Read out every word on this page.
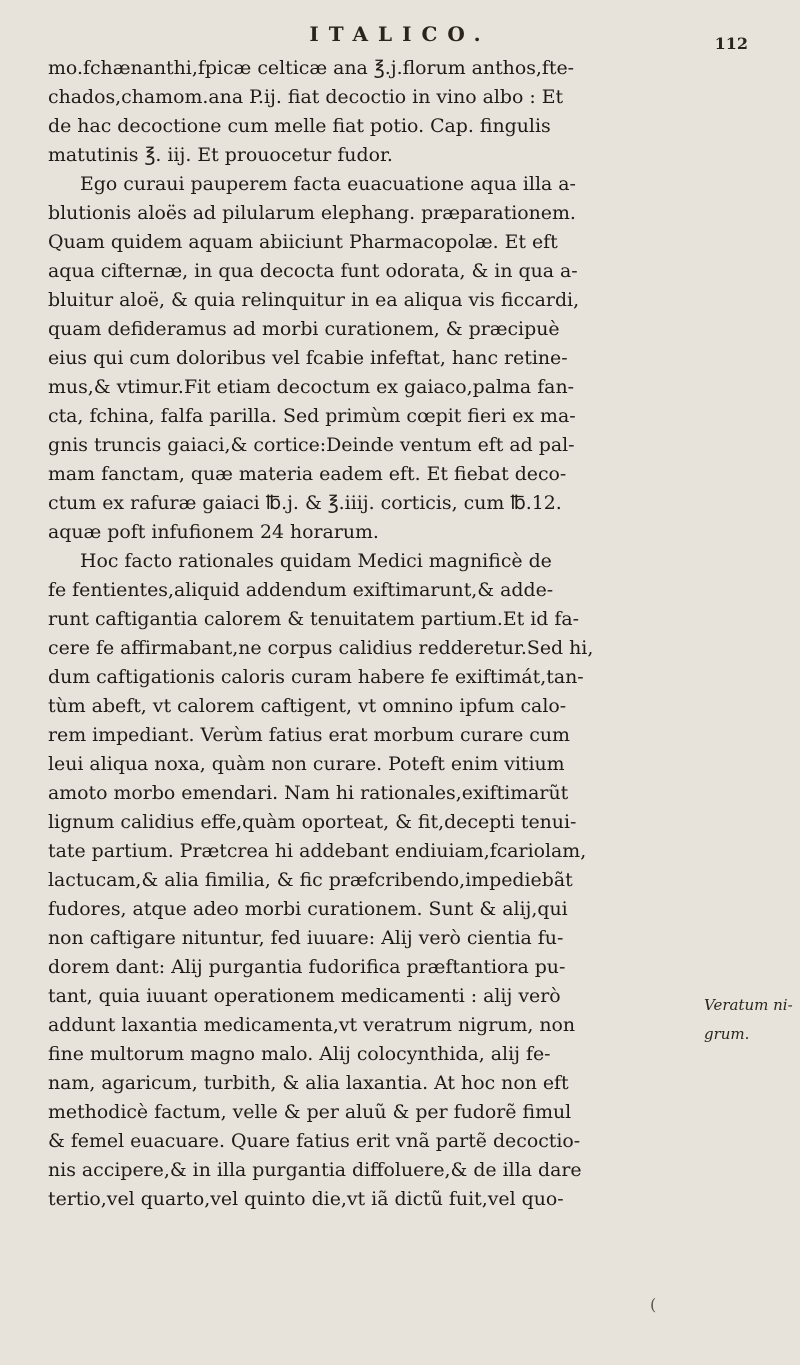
ITALICO.	112
mo.fchænanthi,fpicæ celticæ ana ℥.j.florum anthos,fte-
chados,chamom.ana P.ij. fiat decoctio in vino albo : Et
de hac decoctione cum melle fiat potio. Cap. fingulis
matutinis ℥. iij. Et prouocetur fudor.
Ego curaui pauperem facta euacuatione aqua illa a-
blutionis aloës ad pilularum elephang. præparationem.
Quam quidem aquam abiiciunt Pharmacopolæ. Et eft
aqua cifternæ, in qua decocta funt odorata, & in qua a-
bluitur aloë, & quia relinquitur in ea aliqua vis ficcardi,
quam defideramus ad morbi curationem, & præcipuè
eius qui cum doloribus vel fcabie infeftat, hanc retine-
mus,& vtimur.Fit etiam decoctum ex gaiaco,palma fan-
cta, fchina, falfa parilla. Sed primùm cœpit fieri ex ma-
gnis truncis gaiaci,& cortice:Deinde ventum eft ad pal-
mam fanctam, quæ materia eadem eft. Et fiebat deco-
ctum ex rafuræ gaiaci ℔.j. & ℥.iiij. corticis, cum ℔.12.
aquæ poft infufionem 24 horarum.
Hoc facto rationales quidam Medici magnificè de
fe fentientes,aliquid addendum exiftimarunt,& adde-
runt caftigantia calorem & tenuitatem partium.Et id fa-
cere fe affirmabant,ne corpus calidius redderetur.Sed hi,
dum caftigationis caloris curam habere fe exiftimát,tan-
tùm abeft, vt calorem caftigent, vt omnino ipfum calo-
rem impediant. Verùm fatius erat morbum curare cum
leui aliqua noxa, quàm non curare. Poteft enim vitium
amoto morbo emendari. Nam hi rationales,exiftimarũt
lignum calidius effe,quàm oporteat, & fit,decepti tenui-
tate partium. Prætcrea hi addebant endiuiam,fcariolam,
lactucam,& alia fimilia, & fic præfcribendo,impediebãt
fudores, atque adeo morbi curationem. Sunt & alij,qui
non caftigare nituntur, fed iuuare: Alij verò cientia fu-
dorem dant: Alij purgantia fudorifica præftantiora pu-
tant, quia iuuant operationem medicamenti : alij verò
addunt laxantia medicamenta,vt veratrum nigrum, non
fine multorum magno malo. Alij colocynthida, alij fe-
nam, agaricum, turbith, & alia laxantia. At hoc non eft
methodicè factum, velle & per aluũ & per fudorẽ fimul
& femel euacuare. Quare fatius erit vnã partẽ decoctio-
nis accipere,& in illa purgantia diffoluere,& de illa dare
tertio,vel quarto,vel quinto die,vt iã dictũ fuit,vel quo-
Veratum ni-
grum.
(
